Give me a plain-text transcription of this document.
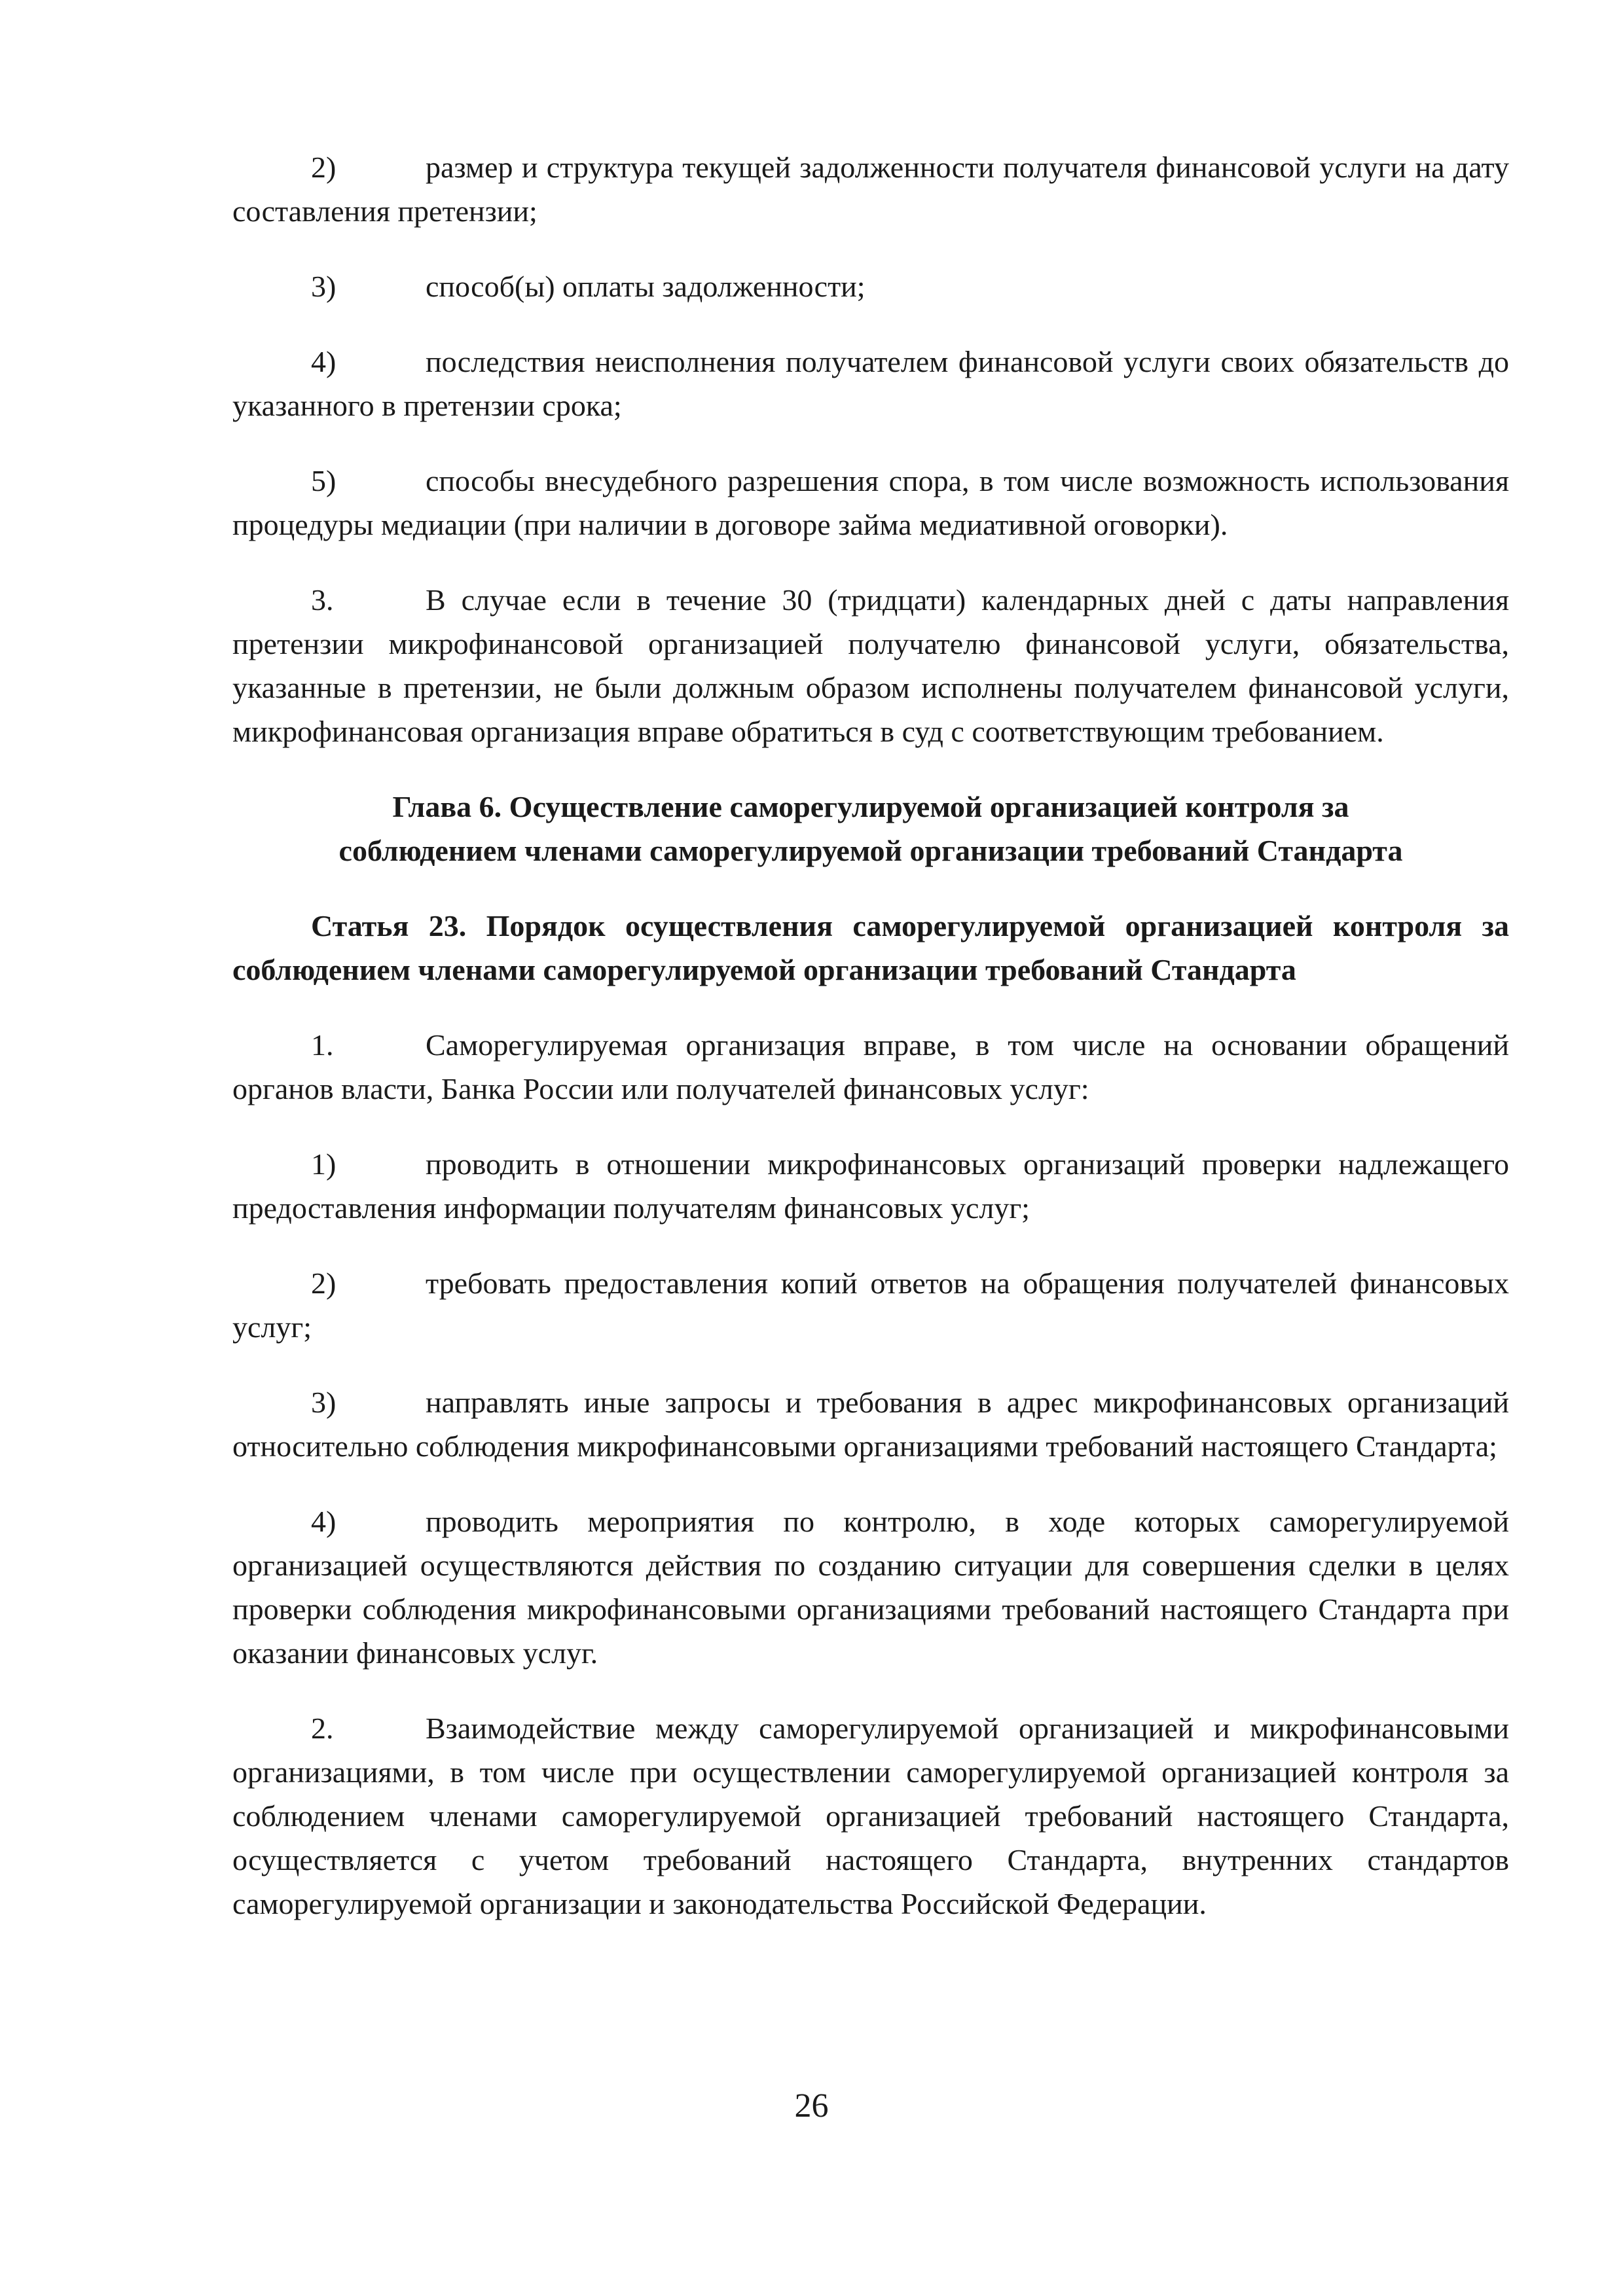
2)	размер и структура текущей задолженности получателя финансовой услуги на дату составления претензии;

3)	способ(ы) оплаты задолженности;

4)	последствия неисполнения получателем финансовой услуги своих обязательств до указанного в претензии срока;

5)	способы внесудебного разрешения спора, в том числе возможность использования процедуры медиации (при наличии в договоре займа медиативной оговорки).

3.	В случае если в течение 30 (тридцати) календарных дней с даты направления претензии микрофинансовой организацией получателю финансовой услуги, обязательства, указанные в претензии, не были должным образом исполнены получателем финансовой услуги, микрофинансовая организация вправе обратиться в суд с соответствующим требованием.

Глава 6. Осуществление саморегулируемой организацией контроля за
соблюдением членами саморегулируемой организации требований Стандарта

Статья 23. Порядок осуществления саморегулируемой организацией контроля за соблюдением членами саморегулируемой организации требований Стандарта

1.	Саморегулируемая организация вправе, в том числе на основании обращений органов власти, Банка России или получателей финансовых услуг:

1)	проводить в отношении микрофинансовых организаций проверки надлежащего предоставления информации получателям финансовых услуг;

2)	требовать предоставления копий ответов на обращения получателей финансовых услуг;

3)	направлять иные запросы и требования в адрес микрофинансовых организаций относительно соблюдения микрофинансовыми организациями требований настоящего Стандарта;

4)	проводить мероприятия по контролю, в ходе которых саморегулируемой организацией осуществляются действия по созданию ситуации для совершения сделки в целях проверки соблюдения микрофинансовыми организациями требований настоящего Стандарта при оказании финансовых услуг.

2.	Взаимодействие между саморегулируемой организацией и микрофинансовыми организациями, в том числе при осуществлении саморегулируемой организацией контроля за соблюдением членами саморегулируемой организацией требований настоящего Стандарта, осуществляется с учетом требований настоящего Стандарта, внутренних стандартов саморегулируемой организации и законодательства Российской Федерации.

26
